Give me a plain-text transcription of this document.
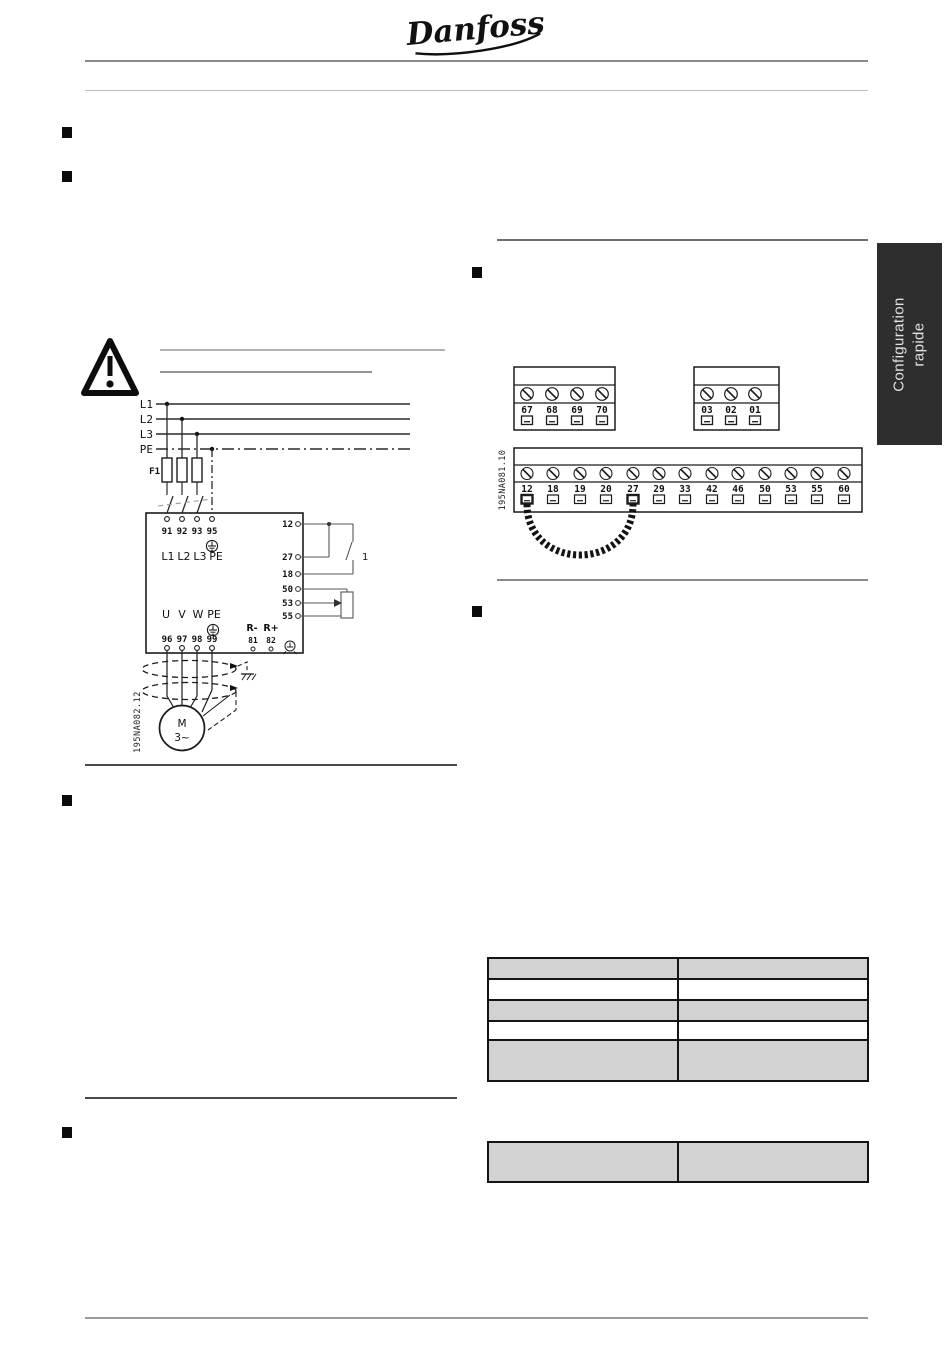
Danfoss
Configuration rapide
L1
L2
L3
PE
F1
91 92 93 95
L1 L2 L3 PE
12
27
18
50
53
55
1
U V W PE
96 97 98 99
R- R+
81 82
M
3~
195NA082.12
67 68 69 70	03 02 01
12 18 19 20 27 29 33 42 46 50 53 55 60
195NA081.10
